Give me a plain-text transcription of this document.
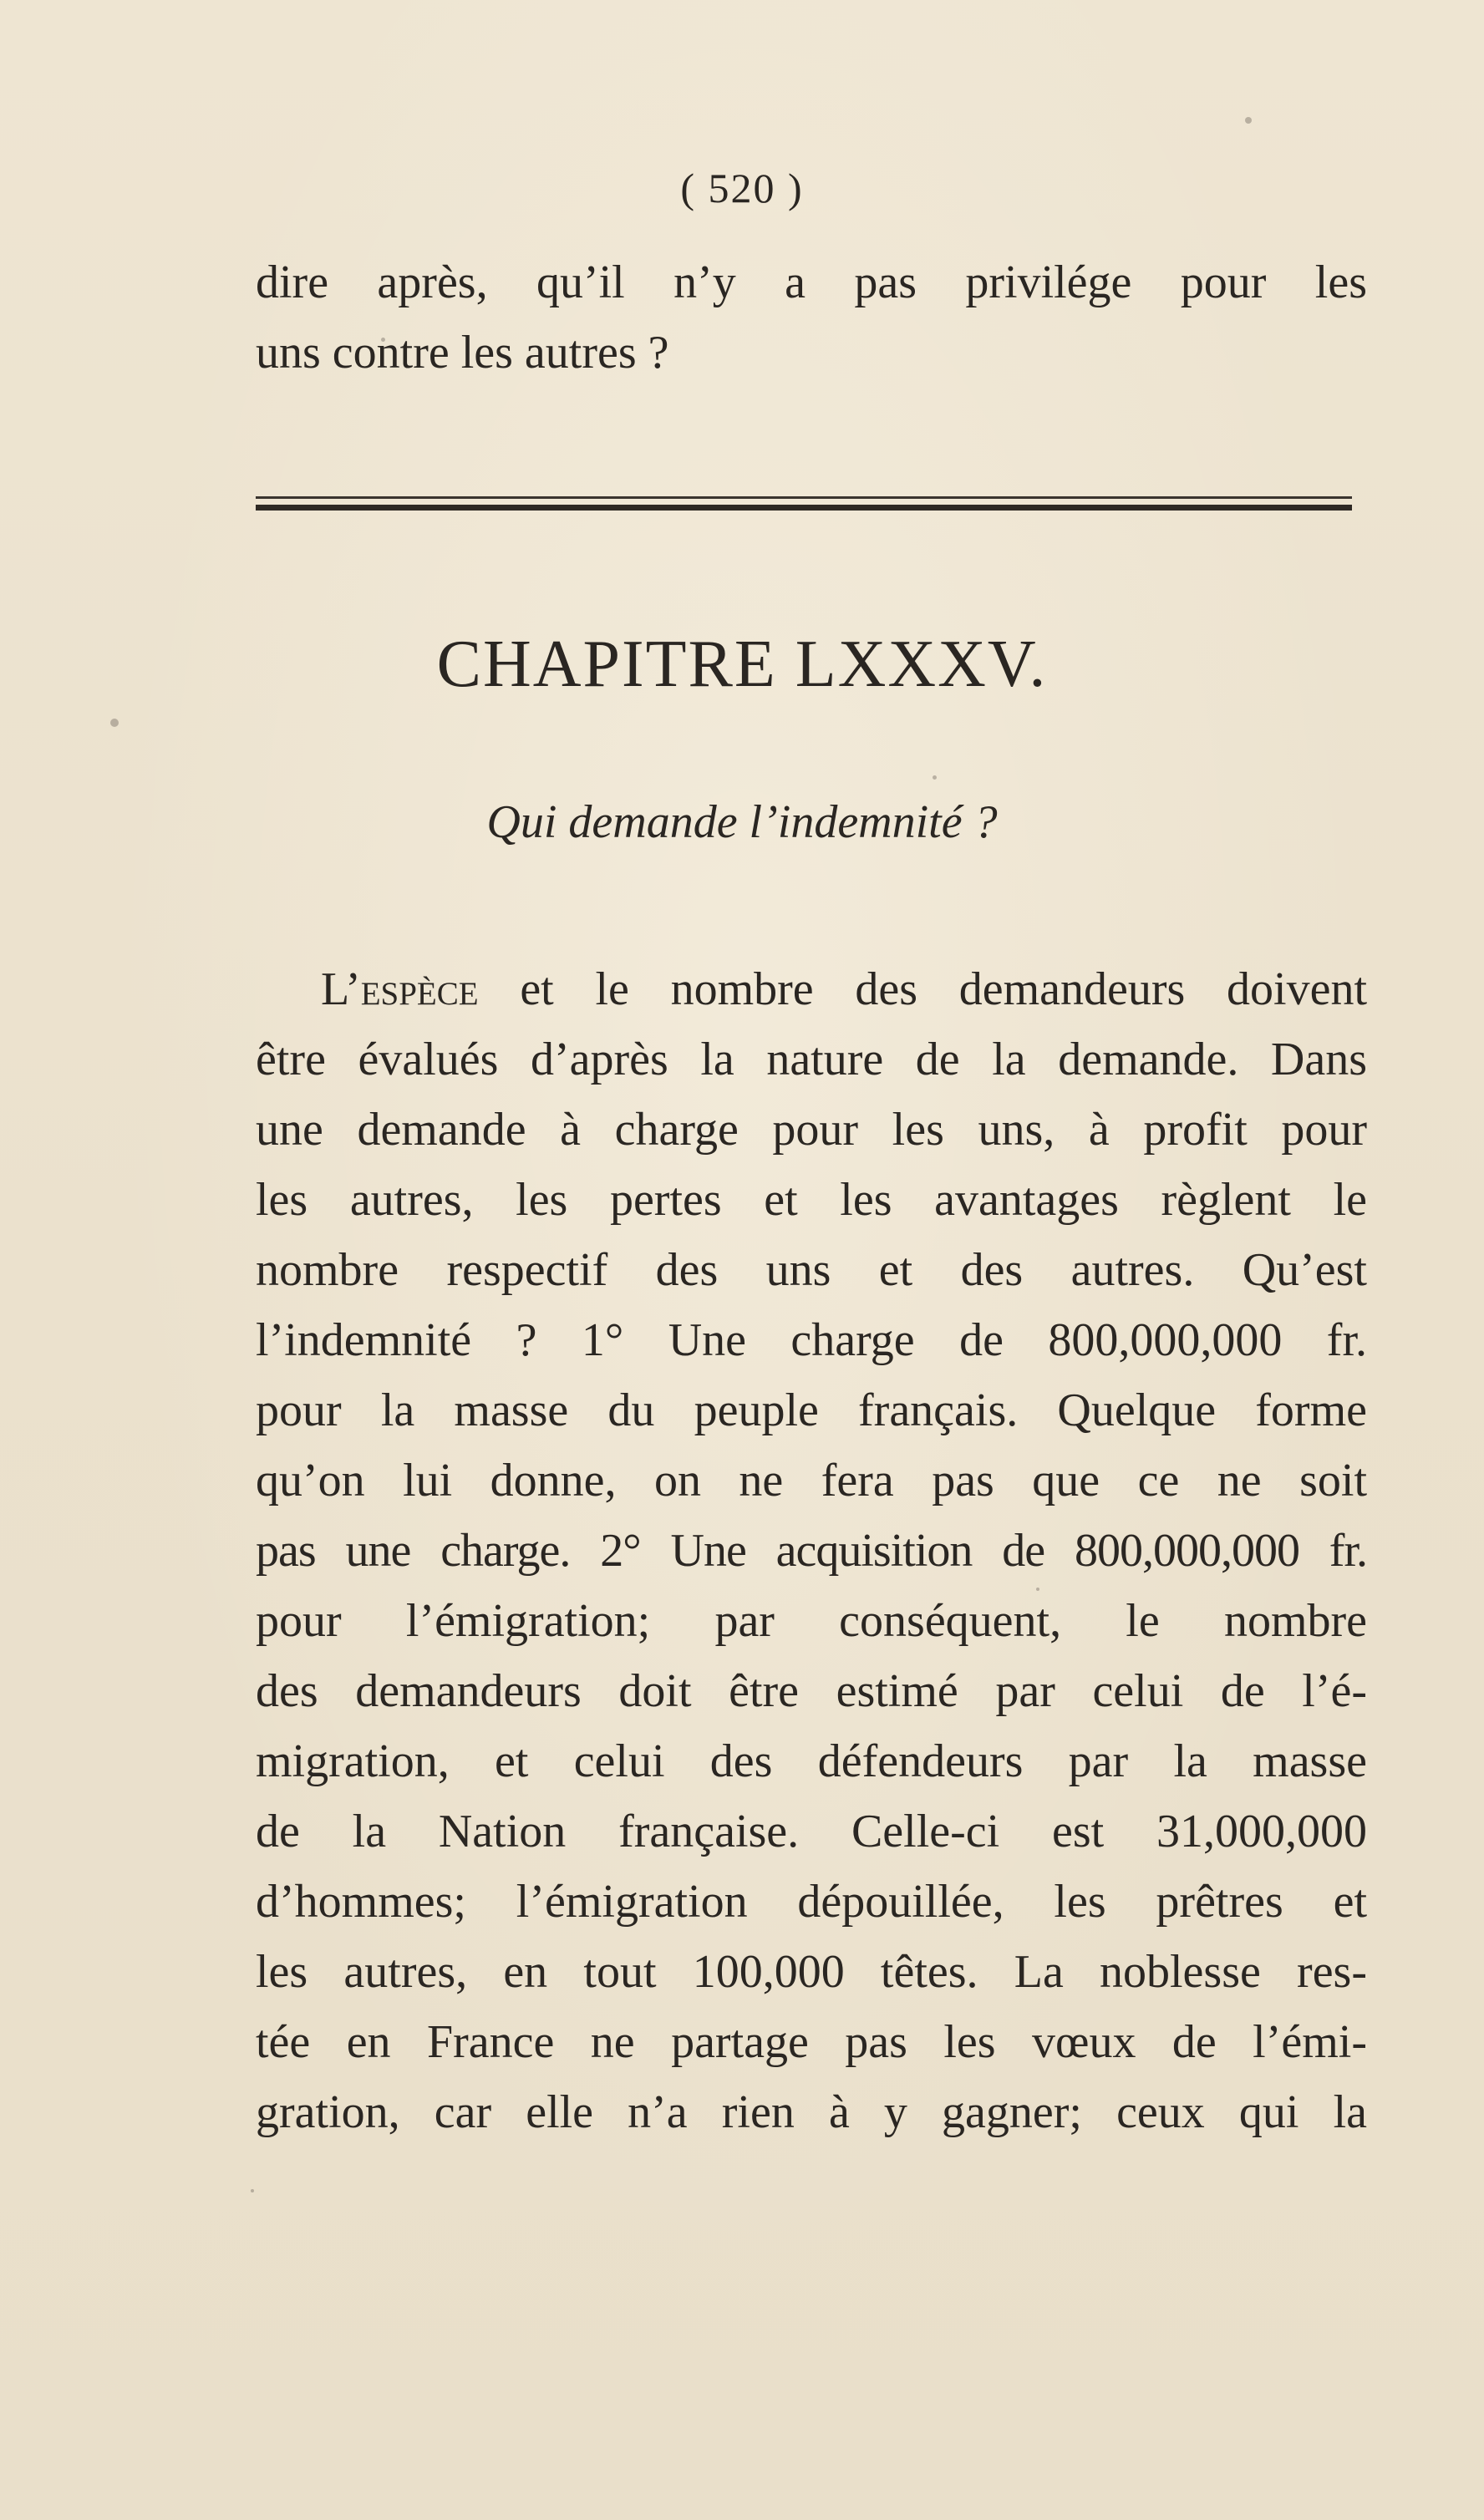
( 520 )
dire après, qu’il n’y a pas privilége pour les
uns contre les autres ?
CHAPITRE LXXXV.
Qui demande l’indemnité ?
L’espèce et le nombre des demandeurs doivent
être évalués d’après la nature de la demande. Dans
une demande à charge pour les uns, à profit pour
les autres, les pertes et les avantages règlent le
nombre respectif des uns et des autres. Qu’est
l’indemnité ? 1° Une charge de 800,000,000 fr.
pour la masse du peuple français. Quelque forme
qu’on lui donne, on ne fera pas que ce ne soit
pas une charge. 2° Une acquisition de 800,000,000 fr.
pour l’émigration; par conséquent, le nombre
des demandeurs doit être estimé par celui de l’é-
migration, et celui des défendeurs par la masse
de la Nation française. Celle-ci est 31,000,000
d’hommes; l’émigration dépouillée, les prêtres et
les autres, en tout 100,000 têtes. La noblesse res-
tée en France ne partage pas les vœux de l’émi-
gration, car elle n’a rien à y gagner; ceux qui la
